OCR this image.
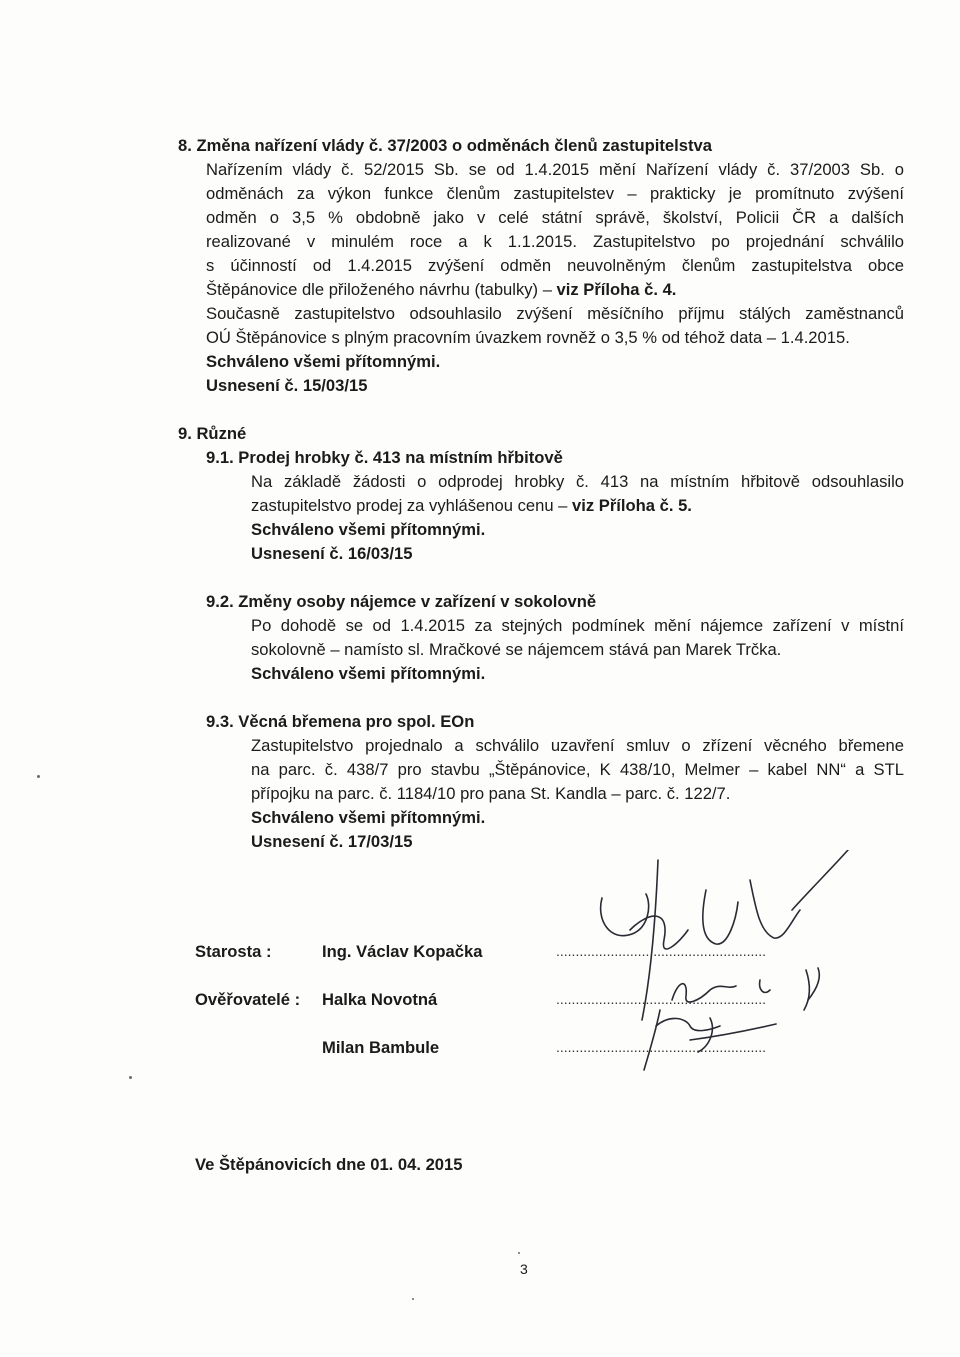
8. Změna nařízení vlády č. 37/2003 o odměnách členů zastupitelstva
Nařízením vlády č. 52/2015 Sb. se od 1.4.2015 mění Nařízení vlády č. 37/2003 Sb. o
odměnách za výkon funkce členům zastupitelstev – prakticky je promítnuto zvýšení
odměn o 3,5 % obdobně jako v celé státní správě, školství, Policii ČR a dalších
realizované v minulém roce a k 1.1.2015. Zastupitelstvo po projednání schválilo
s účinností od 1.4.2015 zvýšení odměn neuvolněným členům zastupitelstva obce
Štěpánovice dle přiloženého návrhu (tabulky) – viz Příloha č. 4.
Současně zastupitelstvo odsouhlasilo zvýšení měsíčního příjmu stálých zaměstnanců
OÚ Štěpánovice s plným pracovním úvazkem rovněž o 3,5 % od téhož data – 1.4.2015.
Schváleno všemi přítomnými.
Usnesení č. 15/03/15
9. Různé
9.1. Prodej hrobky č. 413 na místním hřbitově
Na základě žádosti o odprodej hrobky č. 413 na místním hřbitově odsouhlasilo
zastupitelstvo prodej za vyhlášenou cenu – viz Příloha č. 5.
Schváleno všemi přítomnými.
Usnesení č. 16/03/15
9.2. Změny osoby nájemce v zařízení v sokolovně
Po dohodě se od 1.4.2015 za stejných podmínek mění nájemce zařízení v místní
sokolovně – namísto sl. Mračkové se nájemcem stává pan Marek Trčka.
Schváleno všemi přítomnými.
9.3. Věcná břemena pro spol. EOn
Zastupitelstvo projednalo a schválilo uzavření smluv o zřízení věcného břemene
na parc. č. 438/7 pro stavbu „Štěpánovice, K 438/10, Melmer – kabel NN“ a STL
přípojku na parc. č. 1184/10 pro pana St. Kandla – parc. č. 122/7.
Schváleno všemi přítomnými.
Usnesení č. 17/03/15
Starosta :	Ing. Václav Kopačka	......................................................
Ověřovatelé : Halka Novotná	......................................................
Milan Bambule	......................................................
Ve Štěpánovicích dne 01. 04. 2015
3
